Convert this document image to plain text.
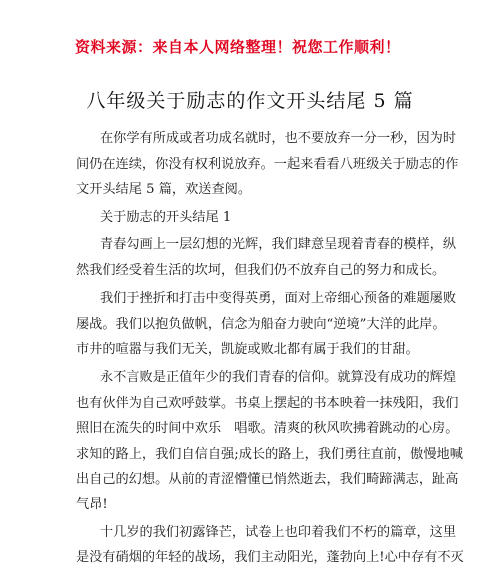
资料来源：来自本人网络整理！祝您工作顺利！
八年级关于励志的作文开头结尾 5 篇
在你学有所成或者功成名就时，也不要放弃一分一秒，因为时
间仍在连续，你没有权利说放弃。一起来看看八班级关于励志的作
文开头结尾 5 篇，欢送查阅。
关于励志的开头结尾 1
青春勾画上一层幻想的光辉，我们肆意呈现着青春的模样，纵
然我们经受着生活的坎坷，但我们仍不放弃自己的努力和成长。
我们于挫折和打击中变得英勇，面对上帝细心预备的难题屡败
屡战。我们以抱负做帆，信念为船奋力驶向“逆境”大洋的此岸。
市井的喧嚣与我们无关，凯旋或败北都有属于我们的甘甜。
永不言败是正值年少的我们青春的信仰。就算没有成功的辉煌
也有伙伴为自己欢呼鼓掌。书桌上摆起的书本映着一抹残阳，我们
照旧在流失的时间中欢乐　唱歌。清爽的秋风吹拂着跳动的心房。
求知的路上，我们自信自强;成长的路上，我们勇往直前，傲慢地喊
出自己的幻想。从前的青涩懵懂已悄然逝去，我们畸蹄满志，趾高
气昂!
十几岁的我们初露锋芒，试卷上也印着我们不朽的篇章，这里
是没有硝烟的年轻的战场，我们主动阳光，蓬勃向上!心中存有不灭
